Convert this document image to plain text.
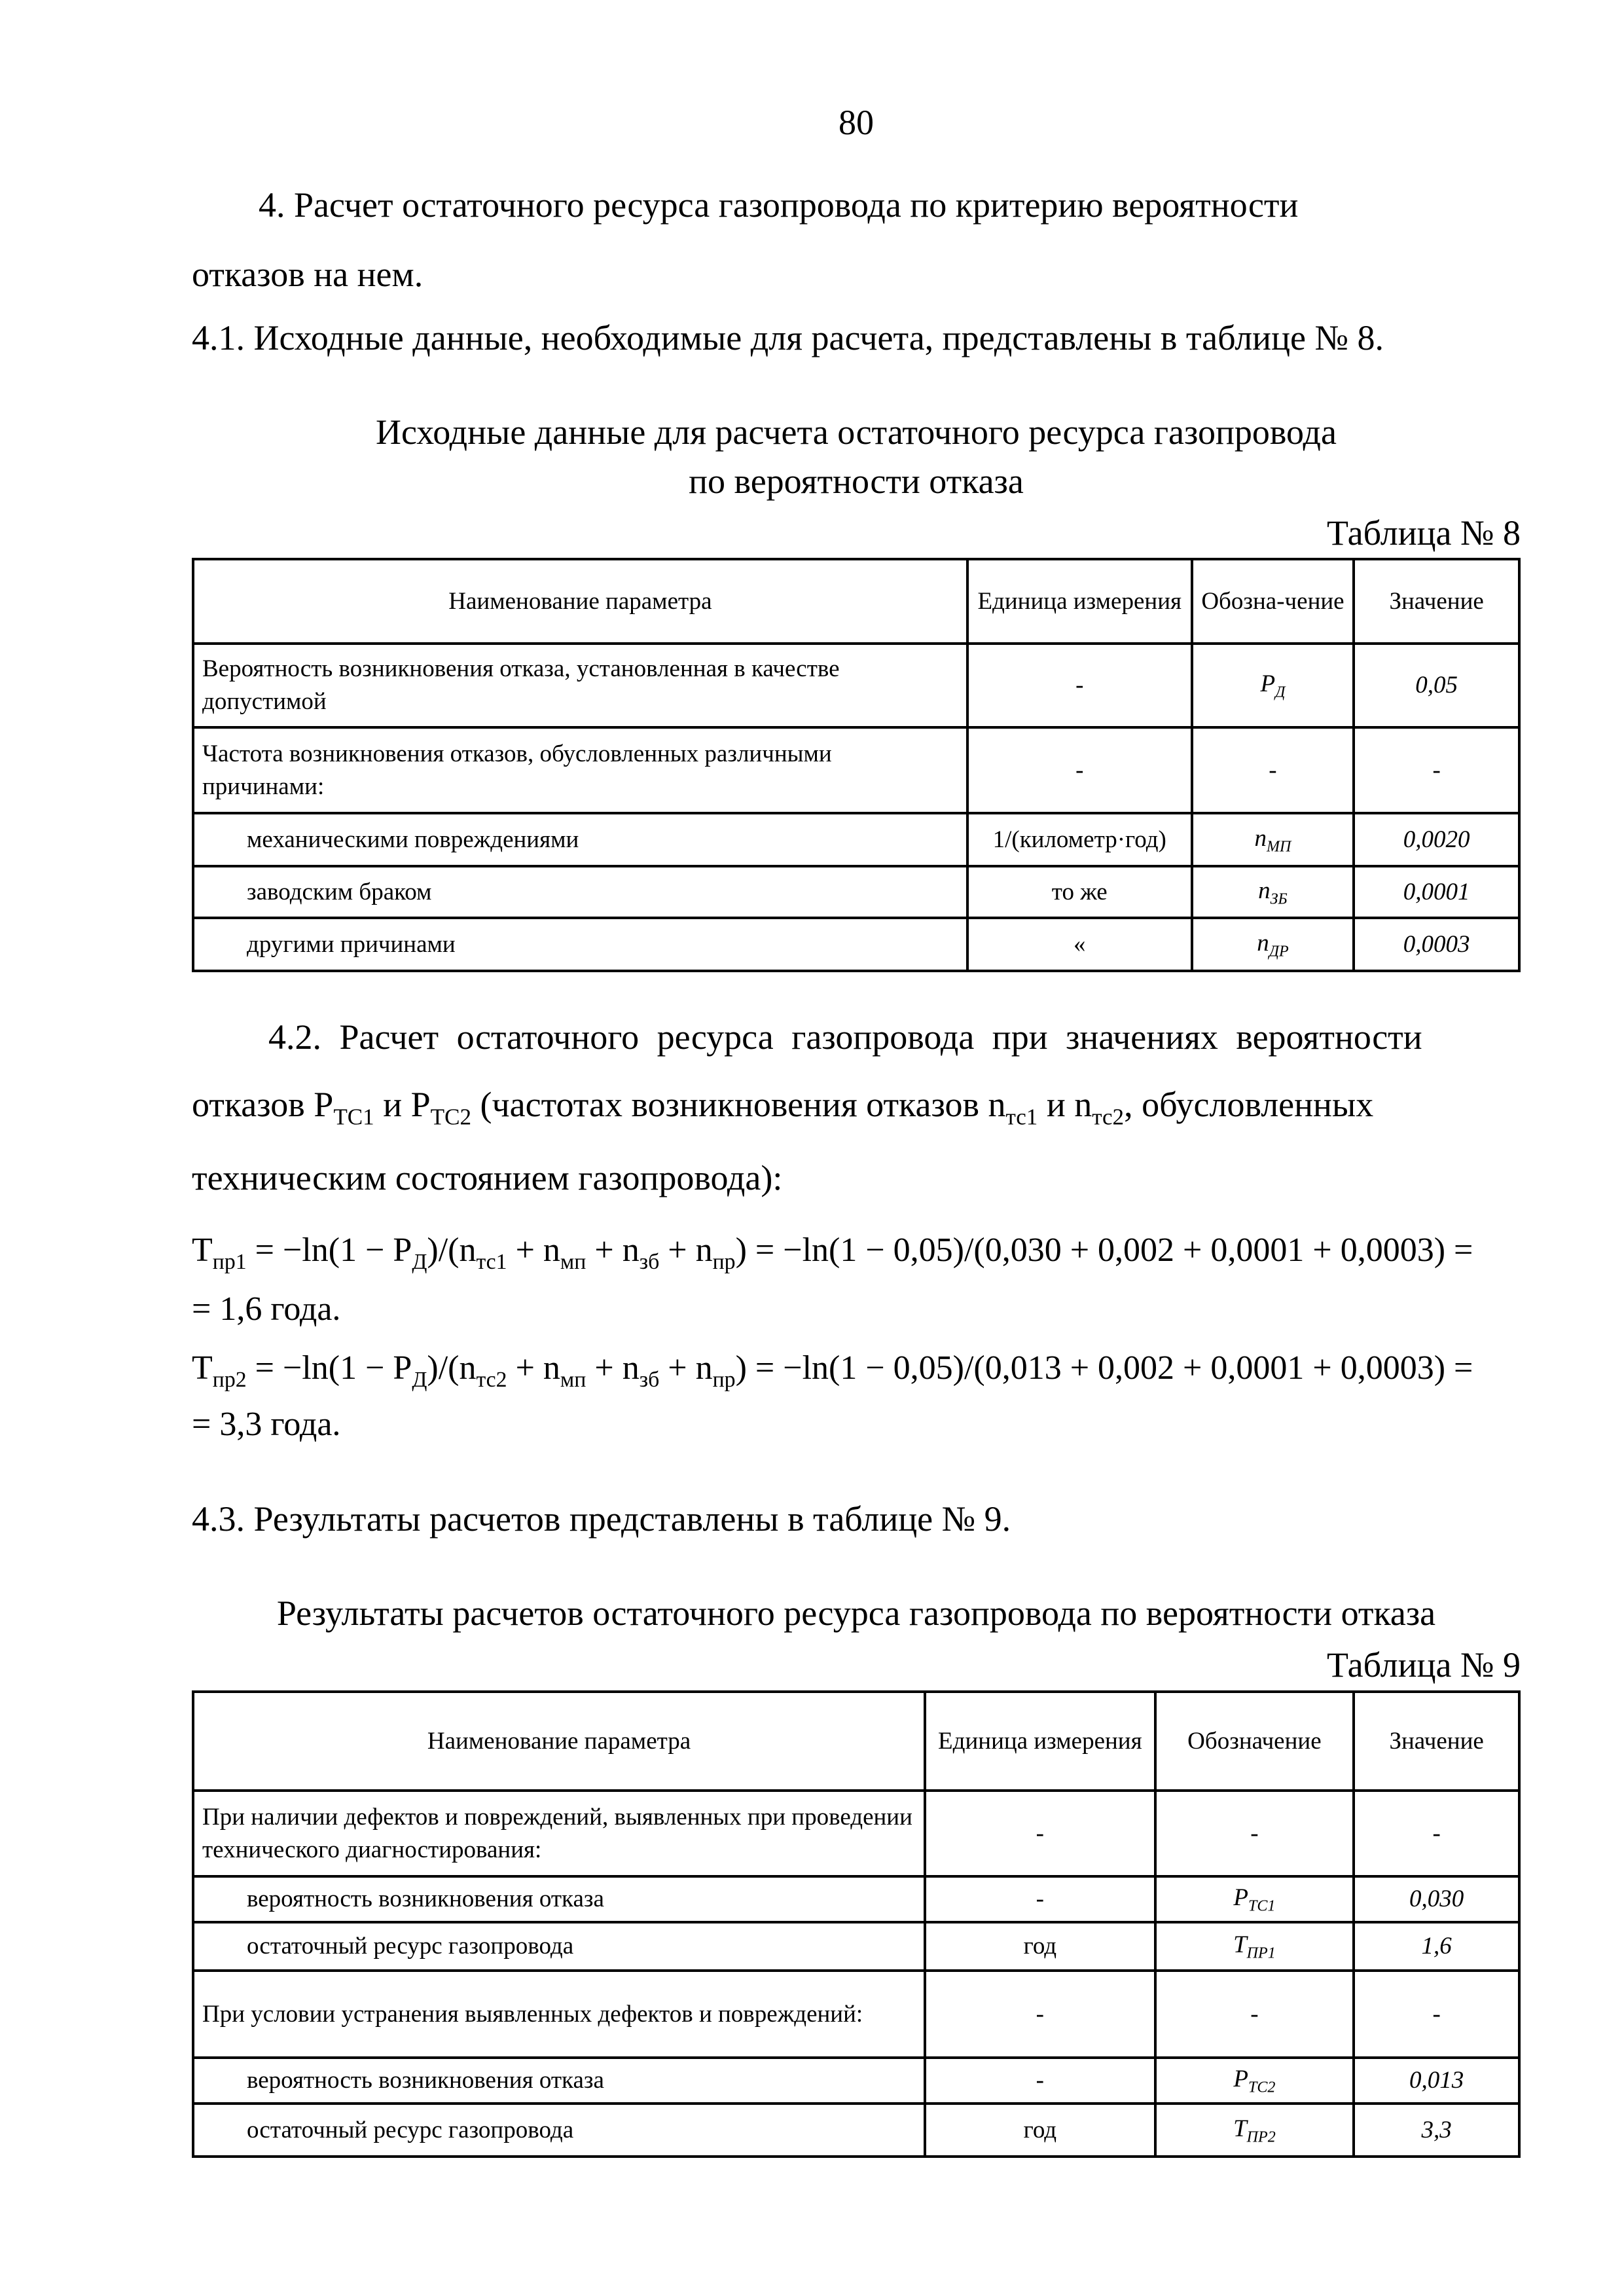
80
4. Расчет остаточного ресурса газопровода по критерию вероятности
отказов на нем.
4.1. Исходные данные, необходимые для расчета, представлены в таблице № 8.
Исходные данные для расчета остаточного ресурса газопровода
по вероятности отказа
Таблица № 8
Наименование параметра	Единица измерения	Обозна-чение	Значение
Вероятность возникновения отказа, установленная в качестве допустимой	-	$Р_Д$	0,05
Частота возникновения отказов, обусловленных различными причинами:	-	-	-
механическими повреждениями	1/(километр·год)	$n_{МП}$	0,0020
заводским браком	то же	$n_{ЗБ}$	0,0001
другими причинами	«	$n_{ДР}$	0,0003
4.2. Расчет остаточного ресурса газопровода при значениях вероятности
отказов $P_{ТС1}$ и $P_{ТС2}$ (частотах возникновения отказов $n_{тс1}$ и $n_{тс2}$, обусловленных
техническим состоянием газопровода):
$T_{пр1} = -\ln(1 - P_Д)/(n_{тс1} + n_{мп} + n_{зб} + n_{пр}) = -\ln(1 - 0,05)/(0,030 + 0,002 + 0,0001 + 0,0003)$ =
= 1,6 года.
$T_{пр2} = -\ln(1 - P_Д)/(n_{тс2} + n_{мп} + n_{зб} + n_{пр}) = -\ln(1 - 0,05)/(0,013 + 0,002 + 0,0001 + 0,0003)$ =
= 3,3 года.
4.3. Результаты расчетов представлены в таблице № 9.
Результаты расчетов остаточного ресурса газопровода по вероятности отказа
Таблица № 9
Наименование параметра	Единица измерения	Обозначение	Значение
При наличии дефектов и повреждений, выявленных при проведении технического диагностирования:	-	-	-
вероятность возникновения отказа	-	$Р_{ТС1}$	0,030
остаточный ресурс газопровода	год	$Т_{ПР1}$	1,6
При условии устранения выявленных дефектов и повреждений:	-	-	-
вероятность возникновения отказа	-	$Р_{ТС2}$	0,013
остаточный ресурс газопровода	год	$Т_{ПР2}$	3,3
